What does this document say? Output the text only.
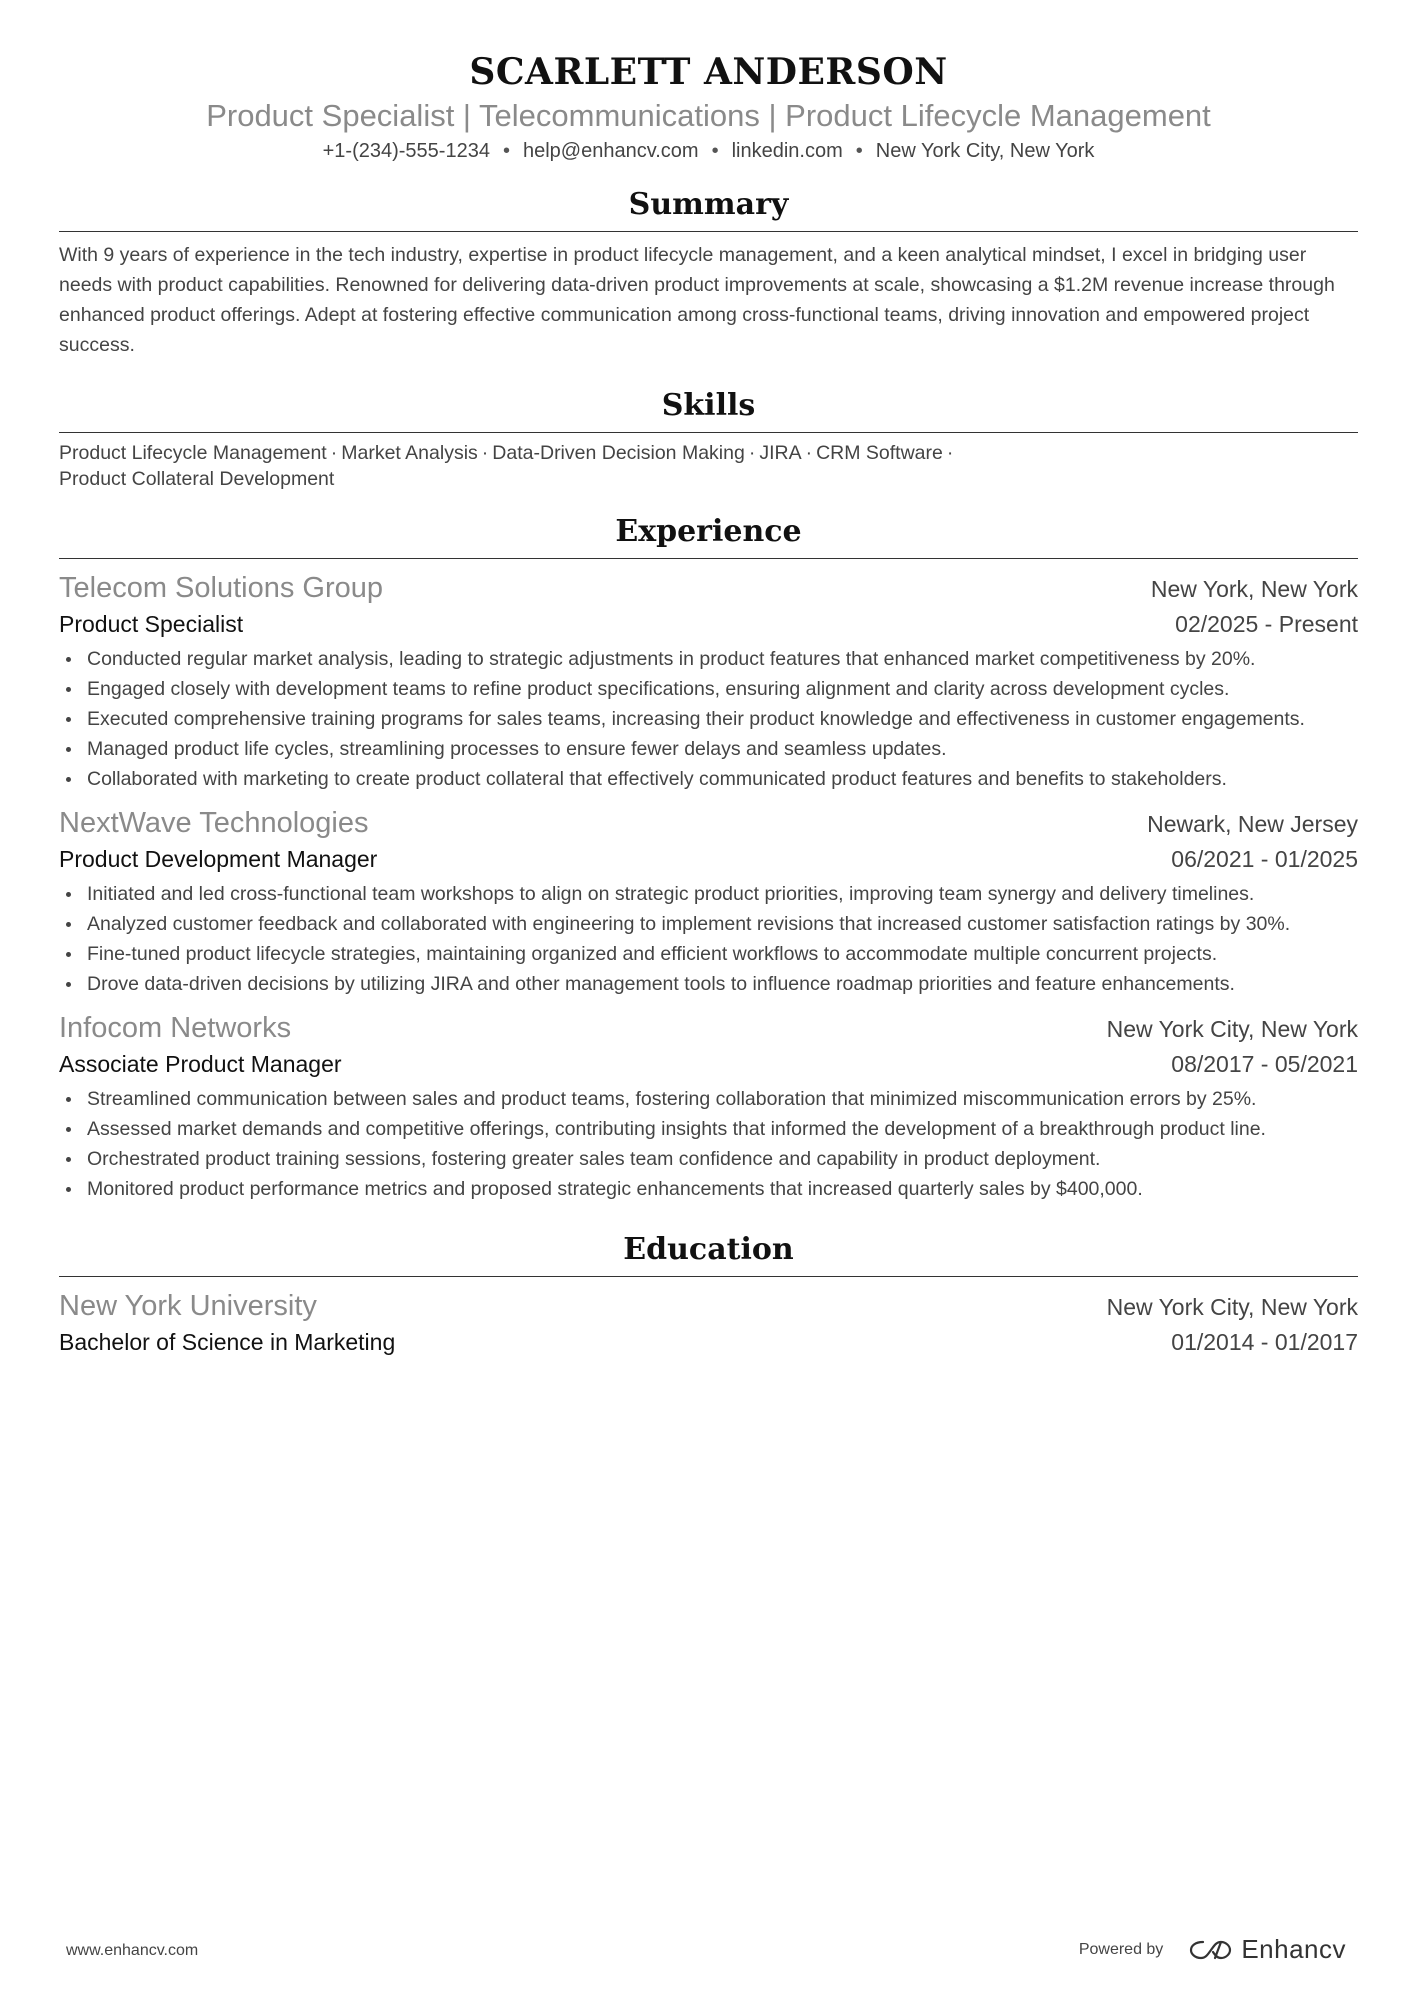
SCARLETT ANDERSON
Product Specialist | Telecommunications | Product Lifecycle Management
+1-(234)-555-1234 • help@enhancv.com • linkedin.com • New York City, New York
Summary
With 9 years of experience in the tech industry, expertise in product lifecycle management, and a keen analytical mindset, I excel in bridging user needs with product capabilities. Renowned for delivering data-driven product improvements at scale, showcasing a $1.2M revenue increase through enhanced product offerings. Adept at fostering effective communication among cross-functional teams, driving innovation and empowered project success.
Skills
Product Lifecycle Management · Market Analysis · Data-Driven Decision Making · JIRA · CRM Software ·
Product Collateral Development
Experience
Telecom Solutions Group	New York, New York
Product Specialist	02/2025 - Present
Conducted regular market analysis, leading to strategic adjustments in product features that enhanced market competitiveness by 20%.
Engaged closely with development teams to refine product specifications, ensuring alignment and clarity across development cycles.
Executed comprehensive training programs for sales teams, increasing their product knowledge and effectiveness in customer engagements.
Managed product life cycles, streamlining processes to ensure fewer delays and seamless updates.
Collaborated with marketing to create product collateral that effectively communicated product features and benefits to stakeholders.
NextWave Technologies	Newark, New Jersey
Product Development Manager	06/2021 - 01/2025
Initiated and led cross-functional team workshops to align on strategic product priorities, improving team synergy and delivery timelines.
Analyzed customer feedback and collaborated with engineering to implement revisions that increased customer satisfaction ratings by 30%.
Fine-tuned product lifecycle strategies, maintaining organized and efficient workflows to accommodate multiple concurrent projects.
Drove data-driven decisions by utilizing JIRA and other management tools to influence roadmap priorities and feature enhancements.
Infocom Networks	New York City, New York
Associate Product Manager	08/2017 - 05/2021
Streamlined communication between sales and product teams, fostering collaboration that minimized miscommunication errors by 25%.
Assessed market demands and competitive offerings, contributing insights that informed the development of a breakthrough product line.
Orchestrated product training sessions, fostering greater sales team confidence and capability in product deployment.
Monitored product performance metrics and proposed strategic enhancements that increased quarterly sales by $400,000.
Education
New York University	New York City, New York
Bachelor of Science in Marketing	01/2014 - 01/2017
www.enhancv.com	Powered by	Enhancv
